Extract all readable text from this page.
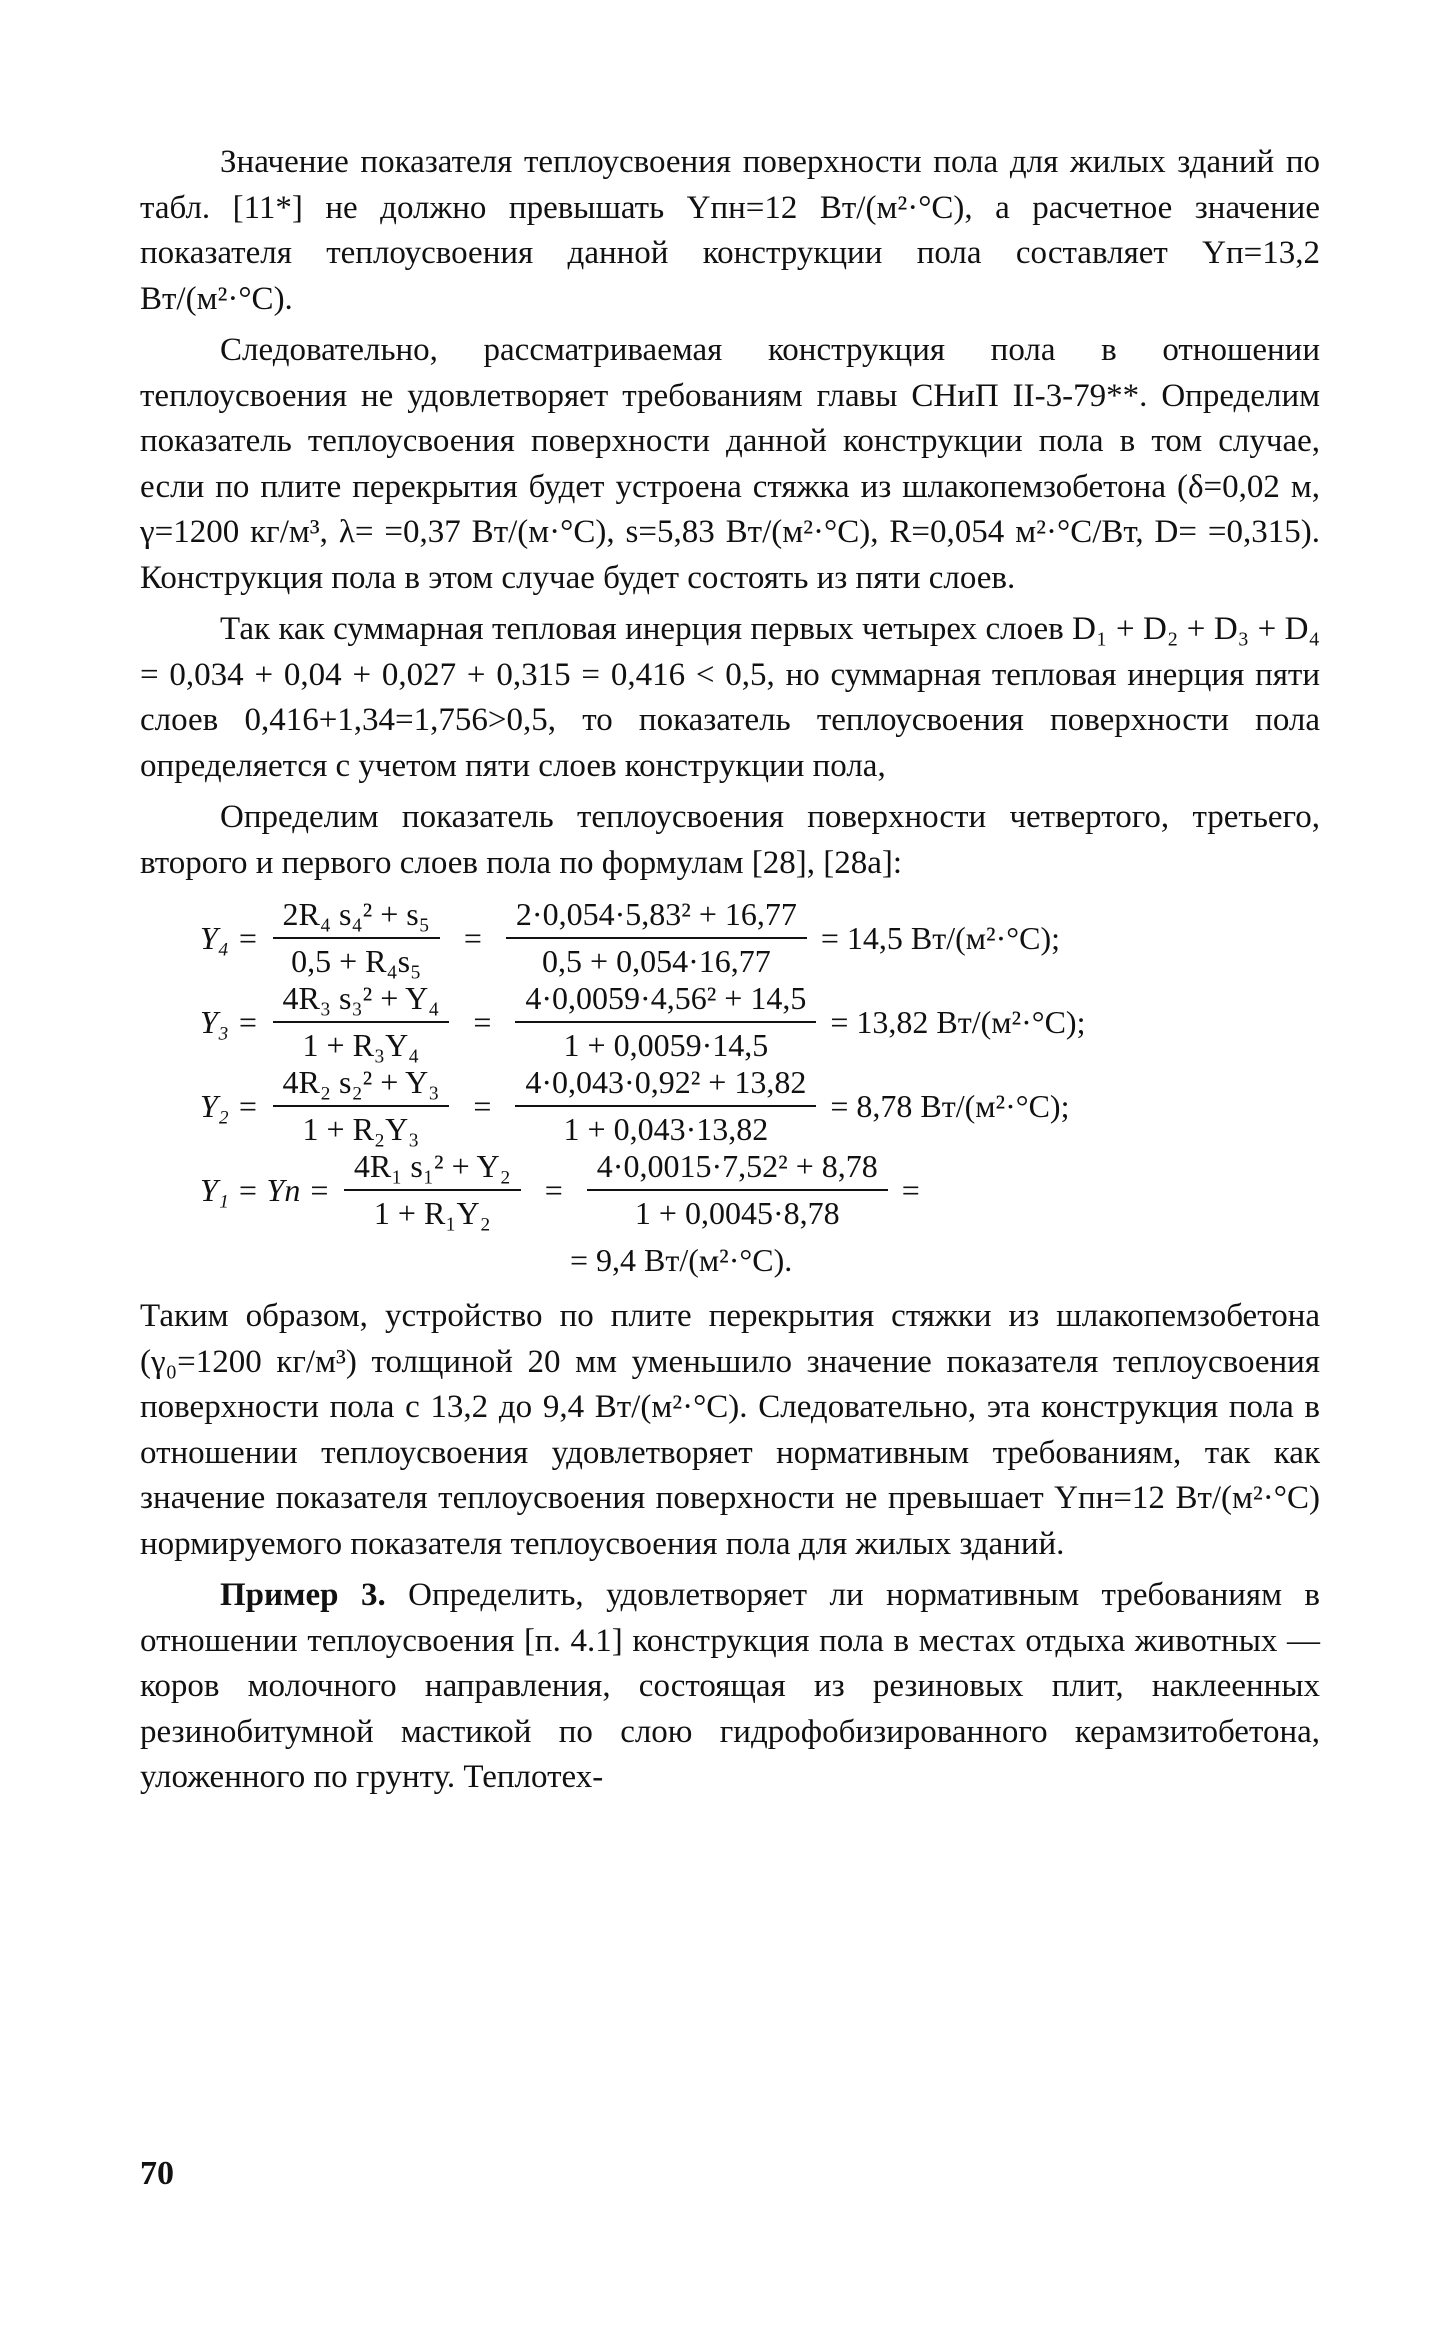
Значение показателя теплоусвоения поверхности пола для жилых зданий по табл. [11*] не должно превышать Yпн=12 Вт/(м²·°С), а расчетное значение показателя теплоусвоения данной конструкции пола составляет Yп=13,2 Вт/(м²·°С).

Следовательно, рассматриваемая конструкция пола в отношении теплоусвоения не удовлетворяет требованиям главы СНиП II-3-79**. Определим показатель теплоусвоения поверхности данной конструкции пола в том случае, если по плите перекрытия будет устроена стяжка из шлакопемзобетона (δ=0,02 м, γ=1200 кг/м³, λ= =0,37 Вт/(м·°С), s=5,83 Вт/(м²·°С), R=0,054 м²·°С/Вт, D= =0,315). Конструкция пола в этом случае будет состоять из пяти слоев.

Так как суммарная тепловая инерция первых четырех слоев D₁ + D₂ + D₃ + D₄ = 0,034 + 0,04 + 0,027 + 0,315 = 0,416 < 0,5, но суммарная тепловая инерция пяти слоев 0,416+1,34=1,756>0,5, то показатель теплоусвоения поверхности пола определяется с учетом пяти слоев конструкции пола,

Определим показатель теплоусвоения поверхности четвертого, третьего, второго и первого слоев пола по формулам [28], [28а]:

$Y_4 = \frac{\text{2R₄ s₄² + s₅}}{\text{0,5 + R₄s₅}} = \frac{\text{2·0,054·5,83² + 16,77}}{0,5 + 0,054\cdot 16,77} = 14,5$ Вт/(м²·°С);
$Y_3 = \frac{\text{4R₃ s₃² + Y₄}}{\text{1 + R₃Y₄}} = \frac{\text{4·0,0059·4,56² + 14,5}}{1 + 0,0059\cdot 14,5} = 13,82$ Вт/(м²·°С);
$Y_2 = \frac{\text{4R₂ s₂² + Y₃}}{\text{1 + R₂Y₃}} = \frac{\text{4·0,043·0,92² + 13,82}}{1 + 0,043\cdot 13,82} = 8,78$ Вт/(м²·°С);
Y₁ = Yп = $\frac{\text{4R₁ s₁² + Y₂}}{\text{1 + R₁Y₂}} = \frac{\text{4·0,0015·7,52² + 8,78}}{1 + 0,0045\cdot 8,78}$ =
= 9,4 Вт/(м²·°С).

Таким образом, устройство по плите перекрытия стяжки из шлакопемзобетона (γ₀=1200 кг/м³) толщиной 20 мм уменьшило значение показателя теплоусвоения поверхности пола с 13,2 до 9,4 Вт/(м²·°С). Следовательно, эта конструкция пола в отношении теплоусвоения удовлетворяет нормативным требованиям, так как значение показателя теплоусвоения поверхности не превышает Yпн=12 Вт/(м²·°С) нормируемого показателя теплоусвоения пола для жилых зданий.

Пример 3. Определить, удовлетворяет ли нормативным требованиям в отношении теплоусвоения [п. 4.1] конструкция пола в местах отдыха животных — коров молочного направления, состоящая из резиновых плит, наклеенных резинобитумной мастикой по слою гидрофобизированного керамзитобетона, уложенного по грунту. Теплотех-

70
